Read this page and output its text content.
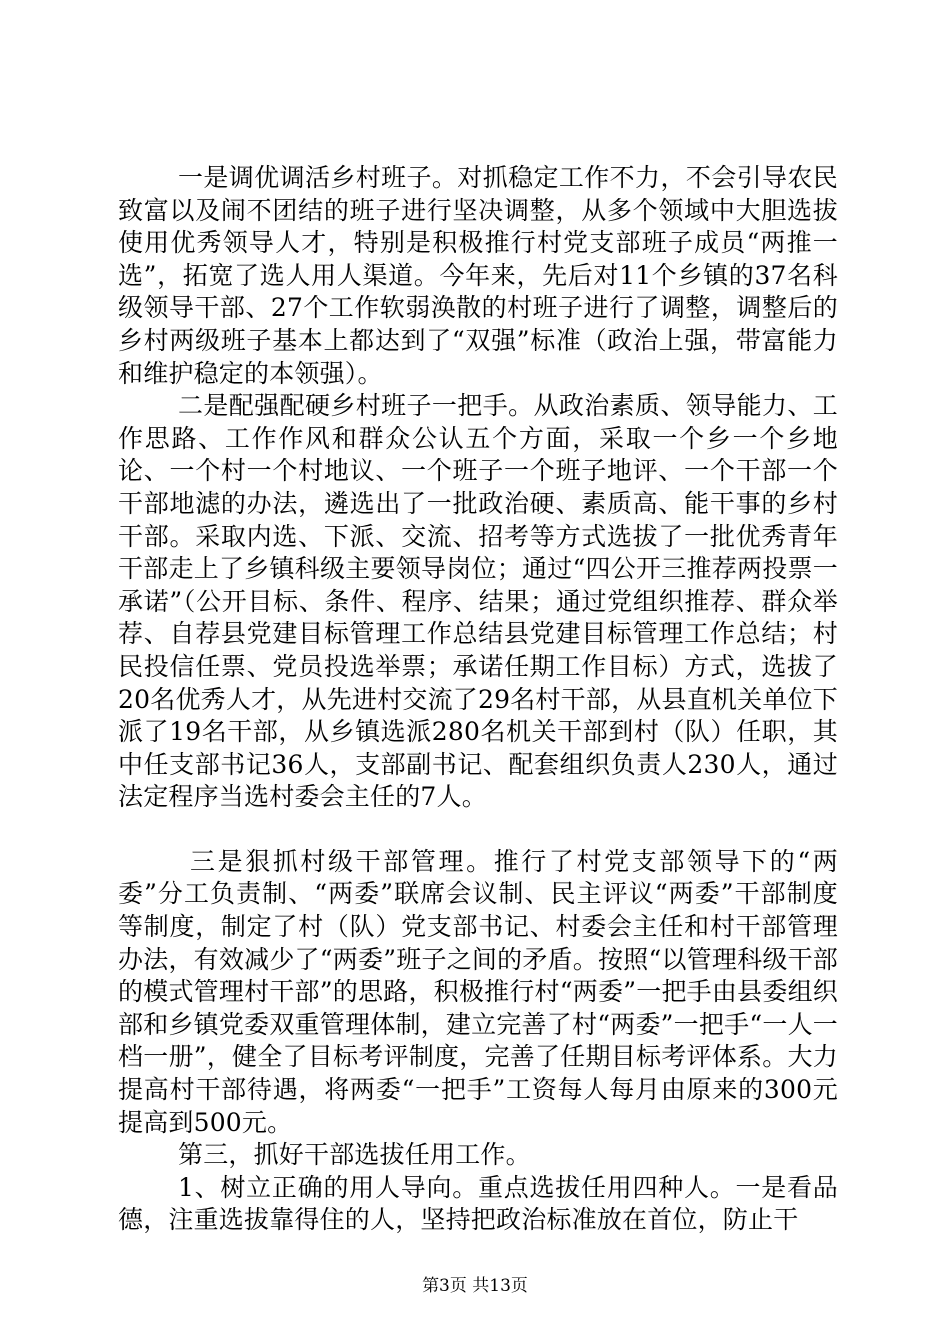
一是调优调活乡村班子。对抓稳定工作不力，不会引导农民致富以及闹不团结的班子进行坚决调整，从多个领域中大胆选拔使用优秀领导人才，特别是积极推行村党支部班子成员“两推一选”，拓宽了选人用人渠道。今年来，先后对11个乡镇的37名科级领导干部、27个工作软弱涣散的村班子进行了调整，调整后的乡村两级班子基本上都达到了“双强”标准（政治上强，带富能力和维护稳定的本领强）。

二是配强配硬乡村班子一把手。从政治素质、领导能力、工作思路、工作作风和群众公认五个方面，采取一个乡一个乡地论、一个村一个村地议、一个班子一个班子地评、一个干部一个干部地滤的办法，遴选出了一批政治硬、素质高、能干事的乡村干部。采取内选、下派、交流、招考等方式选拔了一批优秀青年干部走上了乡镇科级主要领导岗位；通过“四公开三推荐两投票一承诺”（公开目标、条件、程序、结果；通过党组织推荐、群众举荐、自荐县党建目标管理工作总结县党建目标管理工作总结；村民投信任票、党员投选举票；承诺任期工作目标）方式，选拔了20名优秀人才，从先进村交流了29名村干部，从县直机关单位下派了19名干部，从乡镇选派280名机关干部到村（队）任职，其中任支部书记36人，支部副书记、配套组织负责人230人，通过法定程序当选村委会主任的7人。

三是狠抓村级干部管理。推行了村党支部领导下的“两委”分工负责制、“两委”联席会议制、民主评议“两委”干部制度等制度，制定了村（队）党支部书记、村委会主任和村干部管理办法，有效减少了“两委”班子之间的矛盾。按照“以管理科级干部的模式管理村干部”的思路，积极推行村“两委”一把手由县委组织部和乡镇党委双重管理体制，建立完善了村“两委”一把手“一人一档一册”，健全了目标考评制度，完善了任期目标考评体系。大力提高村干部待遇，将两委“一把手”工资每人每月由原来的300元提高到500元。

第三，抓好干部选拔任用工作。

1、树立正确的用人导向。重点选拔任用四种人。一是看品德，注重选拔靠得住的人，坚持把政治标准放在首位，防止干

第3页 共13页
